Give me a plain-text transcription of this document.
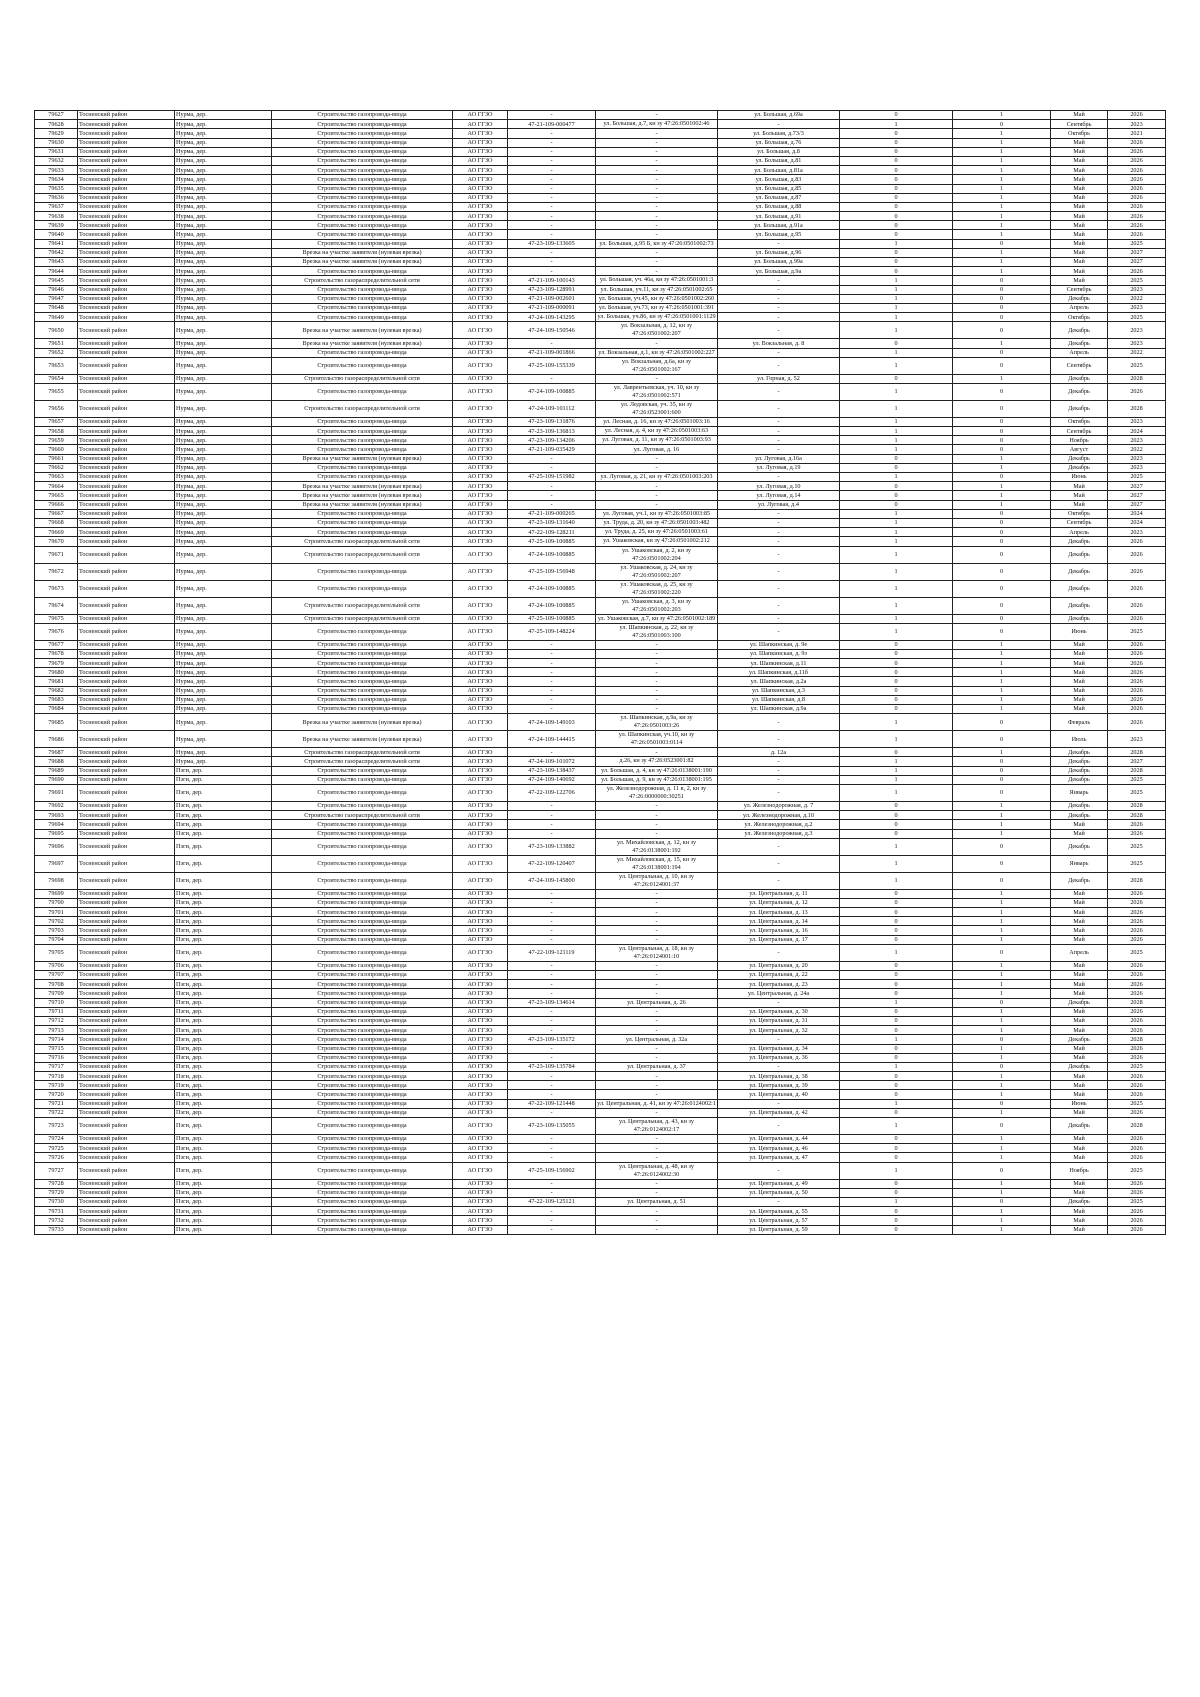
79627	Тосненский район	Нурма, дер.	Строительство газопровода-ввода	АО ГГЗО	-	-	ул. Большая, д.69а	0	1	Май	2026
79628	Тосненский район	Нурма, дер.	Строительство газопровода-ввода	АО ГГЗО	47-21-109-000477	ул. Большая, д.7, кн зу 47:26:0501002:46	-	1	0	Сентябрь	2023
79629	Тосненский район	Нурма, дер.	Строительство газопровода-ввода	АО ГГЗО	-	-	ул. Большая, д.73/3	0	1	Октябрь	2021
79630	Тосненский район	Нурма, дер.	Строительство газопровода-ввода	АО ГГЗО	-	-	ул. Большая, д.76	0	1	Май	2026
79631	Тосненский район	Нурма, дер.	Строительство газопровода-ввода	АО ГГЗО	-	-	ул. Большая, д.8	0	1	Май	2026
79632	Тосненский район	Нурма, дер.	Строительство газопровода-ввода	АО ГГЗО	-	-	ул. Большая, д.81	0	1	Май	2026
79633	Тосненский район	Нурма, дер.	Строительство газопровода-ввода	АО ГГЗО	-	-	ул. Большая, д.81а	0	1	Май	2026
79634	Тосненский район	Нурма, дер.	Строительство газопровода-ввода	АО ГГЗО	-	-	ул. Большая, д.83	0	1	Май	2026
79635	Тосненский район	Нурма, дер.	Строительство газопровода-ввода	АО ГГЗО	-	-	ул. Большая, д.85	0	1	Май	2026
79636	Тосненский район	Нурма, дер.	Строительство газопровода-ввода	АО ГГЗО	-	-	ул. Большая, д.87	0	1	Май	2026
79637	Тосненский район	Нурма, дер.	Строительство газопровода-ввода	АО ГГЗО	-	-	ул. Большая, д.88	0	1	Май	2026
79638	Тосненский район	Нурма, дер.	Строительство газопровода-ввода	АО ГГЗО	-	-	ул. Большая, д.91	0	1	Май	2026
79639	Тосненский район	Нурма, дер.	Строительство газопровода-ввода	АО ГГЗО	-	-	ул. Большая, д.91а	0	1	Май	2026
79640	Тосненский район	Нурма, дер.	Строительство газопровода-ввода	АО ГГЗО	-	-	ул. Большая, д.95	0	1	Май	2026
79641	Тосненский район	Нурма, дер.	Строительство газопровода-ввода	АО ГГЗО	47-23-109-133605	ул. Большая, д.95 Б, кн зу 47:26:0501002:73	-	1	0	Май	2025
79642	Тосненский район	Нурма, дер.	Врезка на участке заявителя (нулевая врезка)	АО ГГЗО	-	-	ул. Большая, д.96	0	1	Май	2027
79643	Тосненский район	Нурма, дер.	Врезка на участке заявителя (нулевая врезка)	АО ГГЗО	-	-	ул. Большая, д.99а	0	1	Май	2027
79644	Тосненский район	Нурма, дер.	Строительство газопровода-ввода	АО ГГЗО	-	-	ул. Большая, д.9а	0	1	Май	2026
79645	Тосненский район	Нурма, дер.	Строительство газораспределительной сети	АО ГГЗО	47-21-109-100143	ул. Большая, уч. 46а, кн зу 47:26:0501001:3	-	1	0	Май	2025
79646	Тосненский район	Нурма, дер.	Строительство газопровода-ввода	АО ГГЗО	47-23-109-128991	ул. Большая, уч.11, кн зу 47:26:0501002:65	-	1	0	Сентябрь	2023
79647	Тосненский район	Нурма, дер.	Строительство газопровода-ввода	АО ГГЗО	47-21-109-002601	ул. Большая, уч.45, кн зу 47:26:0501002:260	-	1	0	Декабрь	2022
79648	Тосненский район	Нурма, дер.	Строительство газопровода-ввода	АО ГГЗО	47-21-109-000091	ул. Большая, уч.73, кн зу 47:26:0501001:391	-	1	0	Апрель	2023
79649	Тосненский район	Нурма, дер.	Строительство газопровода-ввода	АО ГГЗО	47-24-109-143295	ул. Большая, уч.86, кн зу 47:26:0501001:1129	-	1	0	Октябрь	2025
79650	Тосненский район	Нурма, дер.	Врезка на участке заявителя (нулевая врезка)	АО ГГЗО	47-24-109-150546	ул. Вокзальная, д. 12, кн зу 47:26:0501002:207	-	1	0	Декабрь	2023
79651	Тосненский район	Нурма, дер.	Врезка на участке заявителя (нулевая врезка)	АО ГГЗО	-	-	ул. Вокзальная, д. 8	0	1	Декабрь	2023
79652	Тосненский район	Нурма, дер.	Строительство газопровода-ввода	АО ГГЗО	47-21-109-001866	ул. Вокзальная, д.1, кн зу 47:26:0501002:227	-	1	0	Апрель	2022
79653	Тосненский район	Нурма, дер.	Строительство газопровода-ввода	АО ГГЗО	47-25-109-155339	ул. Вокзальная, д.6а, кн зу 47:26:0501002:167	-	1	0	Сентябрь	2025
79654	Тосненский район	Нурма, дер.	Строительство газораспределительной сети	АО ГГЗО	-	-	ул. Горная, д. 52	0	1	Декабрь	2028
79655	Тосненский район	Нурма, дер.	Строительство газопровода-ввода	АО ГГЗО	47-24-109-100885	ул. Лаврентьевская, уч. 10, кн зу 47:26:0501002:571	-	1	0	Декабрь	2026
79656	Тосненский район	Нурма, дер.	Строительство газораспределительной сети	АО ГГЗО	47-24-109-101112	ул. Ледовская, уч. 35, кн зу 47:26:0523001:600	-	1	0	Декабрь	2028
79657	Тосненский район	Нурма, дер.	Строительство газопровода-ввода	АО ГГЗО	47-23-109-131876	ул. Лесная, д. 16, кн зу 47:26:0501003:16	-	1	0	Октябрь	2023
79658	Тосненский район	Нурма, дер.	Строительство газопровода-ввода	АО ГГЗО	47-23-109-136813	ул. Лесная, д. 4, кн зу 47:26:0501003:63	-	1	0	Сентябрь	2024
79659	Тосненский район	Нурма, дер.	Строительство газопровода-ввода	АО ГГЗО	47-23-109-134206	ул. Луговая, д. 11, кн зу 47:26:0501003:93	-	1	0	Ноябрь	2023
79660	Тосненский район	Нурма, дер.	Строительство газопровода-ввода	АО ГГЗО	47-21-109-035429	ул. Луговая, д. 16	-	1	0	Август	2022
79661	Тосненский район	Нурма, дер.	Врезка на участке заявителя (нулевая врезка)	АО ГГЗО	-	-	ул. Луговая, д.16а	0	1	Декабрь	2023
79662	Тосненский район	Нурма, дер.	Строительство газопровода-ввода	АО ГГЗО	-	-	ул. Луговая, д.19	0	1	Декабрь	2023
79663	Тосненский район	Нурма, дер.	Строительство газопровода-ввода	АО ГГЗО	47-25-109-151982	ул. Луговая, д. 21, кн зу 47:26:0501003:203	-	1	0	Июнь	2025
79664	Тосненский район	Нурма, дер.	Врезка на участке заявителя (нулевая врезка)	АО ГГЗО	-	-	ул. Луговая, д.10	0	1	Май	2027
79665	Тосненский район	Нурма, дер.	Врезка на участке заявителя (нулевая врезка)	АО ГГЗО	-	-	ул. Луговая, д.14	0	1	Май	2027
79666	Тосненский район	Нурма, дер.	Врезка на участке заявителя (нулевая врезка)	АО ГГЗО	-	-	ул. Луговая, д.4	0	1	Май	2027
79667	Тосненский район	Нурма, дер.	Строительство газопровода-ввода	АО ГГЗО	47-21-109-000265	ул. Луговая, уч.1, кн зу 47:26:0501003:85	-	1	0	Октябрь	2024
79668	Тосненский район	Нурма, дер.	Строительство газопровода-ввода	АО ГГЗО	47-23-109-131640	ул. Труда, д. 20, кн зу 47:26:0501003:482	-	1	0	Сентябрь	2024
79669	Тосненский район	Нурма, дер.	Строительство газопровода-ввода	АО ГГЗО	47-22-109-128211	ул. Труда, д. 25, кн зу 47:26:0501003:61	-	1	0	Апрель	2023
79670	Тосненский район	Нурма, дер.	Строительство газораспределительной сети	АО ГГЗО	47-25-109-100885	ул. Ушаковская, кн зу 47:26:0501002:212	-	1	0	Декабрь	2026
79671	Тосненский район	Нурма, дер.	Строительство газораспределительной сети	АО ГГЗО	47-24-109-100885	ул. Ушаковская, д. 2, кн зу 47:26:0501002:204	-	1	0	Декабрь	2026
79672	Тосненский район	Нурма, дер.	Строительство газопровода-ввода	АО ГГЗО	47-25-109-156948	ул. Ушаковская, д. 24, кн зу 47:26:0501002:207	-	1	0	Декабрь	2026
79673	Тосненский район	Нурма, дер.	Строительство газопровода-ввода	АО ГГЗО	47-24-109-100885	ул. Ушаковская, д. 25, кн зу 47:26:0501002:220	-	1	0	Декабрь	2026
79674	Тосненский район	Нурма, дер.	Строительство газораспределительной сети	АО ГГЗО	47-24-109-100885	ул. Ушаковская, д. 3, кн зу 47:26:0501002:203	-	1	0	Декабрь	2026
79675	Тосненский район	Нурма, дер.	Строительство газораспределительной сети	АО ГГЗО	47-25-109-100885	ул. Ушаковская, д.7, кн зу 47:26:0501002:189	-	1	0	Декабрь	2026
79676	Тосненский район	Нурма, дер.	Строительство газопровода-ввода	АО ГГЗО	47-25-109-148224	ул. Шапкинская, д. 22, кн зу 47:26:0501003:100	-	1	0	Июнь	2025
79677	Тосненский район	Нурма, дер.	Строительство газопровода-ввода	АО ГГЗО	-	-	ул. Шапкинская, д. 9е	0	1	Май	2026
79678	Тосненский район	Нурма, дер.	Строительство газопровода-ввода	АО ГГЗО	-	-	ул. Шапкинская, д. 9з	0	1	Май	2026
79679	Тосненский район	Нурма, дер.	Строительство газопровода-ввода	АО ГГЗО	-	-	ул. Шапкинская, д.11	0	1	Май	2026
79680	Тосненский район	Нурма, дер.	Строительство газопровода-ввода	АО ГГЗО	-	-	ул. Шапкинская, д.11б	0	1	Май	2026
79681	Тосненский район	Нурма, дер.	Строительство газопровода-ввода	АО ГГЗО	-	-	ул. Шапкинская, д.2а	0	1	Май	2026
79682	Тосненский район	Нурма, дер.	Строительство газопровода-ввода	АО ГГЗО	-	-	ул. Шапкинская, д.3	0	1	Май	2026
79683	Тосненский район	Нурма, дер.	Строительство газопровода-ввода	АО ГГЗО	-	-	ул. Шапкинская, д.8	0	1	Май	2026
79684	Тосненский район	Нурма, дер.	Строительство газопровода-ввода	АО ГГЗО	-	-	ул. Шапкинская, д.9а	0	1	Май	2026
79685	Тосненский район	Нурма, дер.	Врезка на участке заявителя (нулевая врезка)	АО ГГЗО	47-24-109-149103	ул. Шапкинская, д.9а, кн зу 47:26:0501003:26	-	1	0	Февраль	2026
79686	Тосненский район	Нурма, дер.	Врезка на участке заявителя (нулевая врезка)	АО ГГЗО	47-24-109-144415	ул. Шапкинская, уч.10, кн зу 47:26:0501003:0114	-	1	0	Июль	2023
79687	Тосненский район	Нурма, дер.	Строительство газораспределительной сети	АО ГГЗО	-	-	д. 12а	0	1	Декабрь	2028
79688	Тосненский район	Нурма, дер.	Строительство газораспределительной сети	АО ГГЗО	47-24-109-101072	д.26, кн зу 47:26:0523001:82	-	1	0	Декабрь	2027
79689	Тосненский район	Пэги, дер.	Строительство газопровода-ввода	АО ГГЗО	47-23-109-138437	ул. Большая, д. 4, кн зу 47:26:0138001:190	-	1	0	Декабрь	2028
79690	Тосненский район	Пэги, дер.	Строительство газопровода-ввода	АО ГГЗО	47-24-109-140692	ул. Большая, д. 9, кн зу 47:26:0138001:195	-	1	0	Декабрь	2025
79691	Тосненский район	Пэги, дер.	Строительство газопровода-ввода	АО ГГЗО	47-22-109-122706	ул. Железнодорожная, д. 11 в, 2, кн зу 47:26:0000000:30251	-	1	0	Январь	2025
79692	Тосненский район	Пэги, дер.	Строительство газопровода-ввода	АО ГГЗО	-	-	ул. Железнодорожная, д. 7	0	1	Декабрь	2028
79693	Тосненский район	Пэги, дер.	Строительство газораспределительной сети	АО ГГЗО	-	-	ул. Железнодорожная, д.10	0	1	Декабрь	2028
79694	Тосненский район	Пэги, дер.	Строительство газопровода-ввода	АО ГГЗО	-	-	ул. Железнодорожная, д.2	0	1	Май	2026
79695	Тосненский район	Пэги, дер.	Строительство газопровода-ввода	АО ГГЗО	-	-	ул. Железнодорожная, д.3	0	1	Май	2026
79696	Тосненский район	Пэги, дер.	Строительство газопровода-ввода	АО ГГЗО	47-23-109-133882	ул. Михайловская, д. 12, кн зу 47:26:0138001:192	-	1	0	Декабрь	2025
79697	Тосненский район	Пэги, дер.	Строительство газопровода-ввода	АО ГГЗО	47-22-109-120407	ул. Михайловская, д. 15, кн зу 47:26:0138001:194	-	1	0	Январь	2025
79698	Тосненский район	Пэги, дер.	Строительство газопровода-ввода	АО ГГЗО	47-24-109-145800	ул. Центральная, д. 10, кн зу 47:26:0124001:37	-	1	0	Декабрь	2028
79699	Тосненский район	Пэги, дер.	Строительство газопровода-ввода	АО ГГЗО	-	-	ул. Центральная, д. 11	0	1	Май	2026
79700	Тосненский район	Пэги, дер.	Строительство газопровода-ввода	АО ГГЗО	-	-	ул. Центральная, д. 12	0	1	Май	2026
79701	Тосненский район	Пэги, дер.	Строительство газопровода-ввода	АО ГГЗО	-	-	ул. Центральная, д. 13	0	1	Май	2026
79702	Тосненский район	Пэги, дер.	Строительство газопровода-ввода	АО ГГЗО	-	-	ул. Центральная, д. 14	0	1	Май	2026
79703	Тосненский район	Пэги, дер.	Строительство газопровода-ввода	АО ГГЗО	-	-	ул. Центральная, д. 16	0	1	Май	2026
79704	Тосненский район	Пэги, дер.	Строительство газопровода-ввода	АО ГГЗО	-	-	ул. Центральная, д. 17	0	1	Май	2026
79705	Тосненский район	Пэги, дер.	Строительство газопровода-ввода	АО ГГЗО	47-22-109-121119	ул. Центральная, д. 18, кн зу 47:26:0124001:10	-	1	0	Апрель	2025
79706	Тосненский район	Пэги, дер.	Строительство газопровода-ввода	АО ГГЗО	-	-	ул. Центральная, д. 20	0	1	Май	2026
79707	Тосненский район	Пэги, дер.	Строительство газопровода-ввода	АО ГГЗО	-	-	ул. Центральная, д. 22	0	1	Май	2026
79708	Тосненский район	Пэги, дер.	Строительство газопровода-ввода	АО ГГЗО	-	-	ул. Центральная, д. 23	0	1	Май	2026
79709	Тосненский район	Пэги, дер.	Строительство газопровода-ввода	АО ГГЗО	-	-	ул. Центральная, д. 24а	0	1	Май	2026
79710	Тосненский район	Пэги, дер.	Строительство газопровода-ввода	АО ГГЗО	47-23-109-134614	ул. Центральная, д. 26	-	1	0	Декабрь	2028
79711	Тосненский район	Пэги, дер.	Строительство газопровода-ввода	АО ГГЗО	-	-	ул. Центральная, д. 30	0	1	Май	2026
79712	Тосненский район	Пэги, дер.	Строительство газопровода-ввода	АО ГГЗО	-	-	ул. Центральная, д. 31	0	1	Май	2026
79713	Тосненский район	Пэги, дер.	Строительство газопровода-ввода	АО ГГЗО	-	-	ул. Центральная, д. 32	0	1	Май	2026
79714	Тосненский район	Пэги, дер.	Строительство газопровода-ввода	АО ГГЗО	47-23-109-135172	ул. Центральная, д. 32а	-	1	0	Декабрь	2028
79715	Тосненский район	Пэги, дер.	Строительство газопровода-ввода	АО ГГЗО	-	-	ул. Центральная, д. 34	0	1	Май	2026
79716	Тосненский район	Пэги, дер.	Строительство газопровода-ввода	АО ГГЗО	-	-	ул. Центральная, д. 36	0	1	Май	2026
79717	Тосненский район	Пэги, дер.	Строительство газопровода-ввода	АО ГГЗО	47-23-109-135784	ул. Центральная, д. 37	-	1	0	Декабрь	2025
79718	Тосненский район	Пэги, дер.	Строительство газопровода-ввода	АО ГГЗО	-	-	ул. Центральная, д. 38	0	1	Май	2026
79719	Тосненский район	Пэги, дер.	Строительство газопровода-ввода	АО ГГЗО	-	-	ул. Центральная, д. 39	0	1	Май	2026
79720	Тосненский район	Пэги, дер.	Строительство газопровода-ввода	АО ГГЗО	-	-	ул. Центральная, д. 40	0	1	Май	2026
79721	Тосненский район	Пэги, дер.	Строительство газопровода-ввода	АО ГГЗО	47-22-109-121448	ул. Центральная, д. 41, кн зу 47:26:0124002:1	-	1	0	Июнь	2025
79722	Тосненский район	Пэги, дер.	Строительство газопровода-ввода	АО ГГЗО	-	-	ул. Центральная, д. 42	0	1	Май	2026
79723	Тосненский район	Пэги, дер.	Строительство газопровода-ввода	АО ГГЗО	47-23-109-135055	ул. Центральная, д. 43, кн зу 47:26:0124002:17	-	1	0	Декабрь	2028
79724	Тосненский район	Пэги, дер.	Строительство газопровода-ввода	АО ГГЗО	-	-	ул. Центральная, д. 44	0	1	Май	2026
79725	Тосненский район	Пэги, дер.	Строительство газопровода-ввода	АО ГГЗО	-	-	ул. Центральная, д. 46	0	1	Май	2026
79726	Тосненский район	Пэги, дер.	Строительство газопровода-ввода	АО ГГЗО	-	-	ул. Центральная, д. 47	0	1	Май	2026
79727	Тосненский район	Пэги, дер.	Строительство газопровода-ввода	АО ГГЗО	47-25-109-156902	ул. Центральная, д. 48, кн зу 47:26:0124002:30	-	1	0	Ноябрь	2025
79728	Тосненский район	Пэги, дер.	Строительство газопровода-ввода	АО ГГЗО	-	-	ул. Центральная, д. 49	0	1	Май	2026
79729	Тосненский район	Пэги, дер.	Строительство газопровода-ввода	АО ГГЗО	-	-	ул. Центральная, д. 50	0	1	Май	2026
79730	Тосненский район	Пэги, дер.	Строительство газопровода-ввода	АО ГГЗО	47-22-109-125121	ул. Центральная, д. 51	-	1	0	Декабрь	2025
79731	Тосненский район	Пэги, дер.	Строительство газопровода-ввода	АО ГГЗО	-	-	ул. Центральная, д. 55	0	1	Май	2026
79732	Тосненский район	Пэги, дер.	Строительство газопровода-ввода	АО ГГЗО	-	-	ул. Центральная, д. 57	0	1	Май	2026
79733	Тосненский район	Пэги, дер.	Строительство газопровода-ввода	АО ГГЗО	-	-	ул. Центральная, д. 59	0	1	Май	2026
